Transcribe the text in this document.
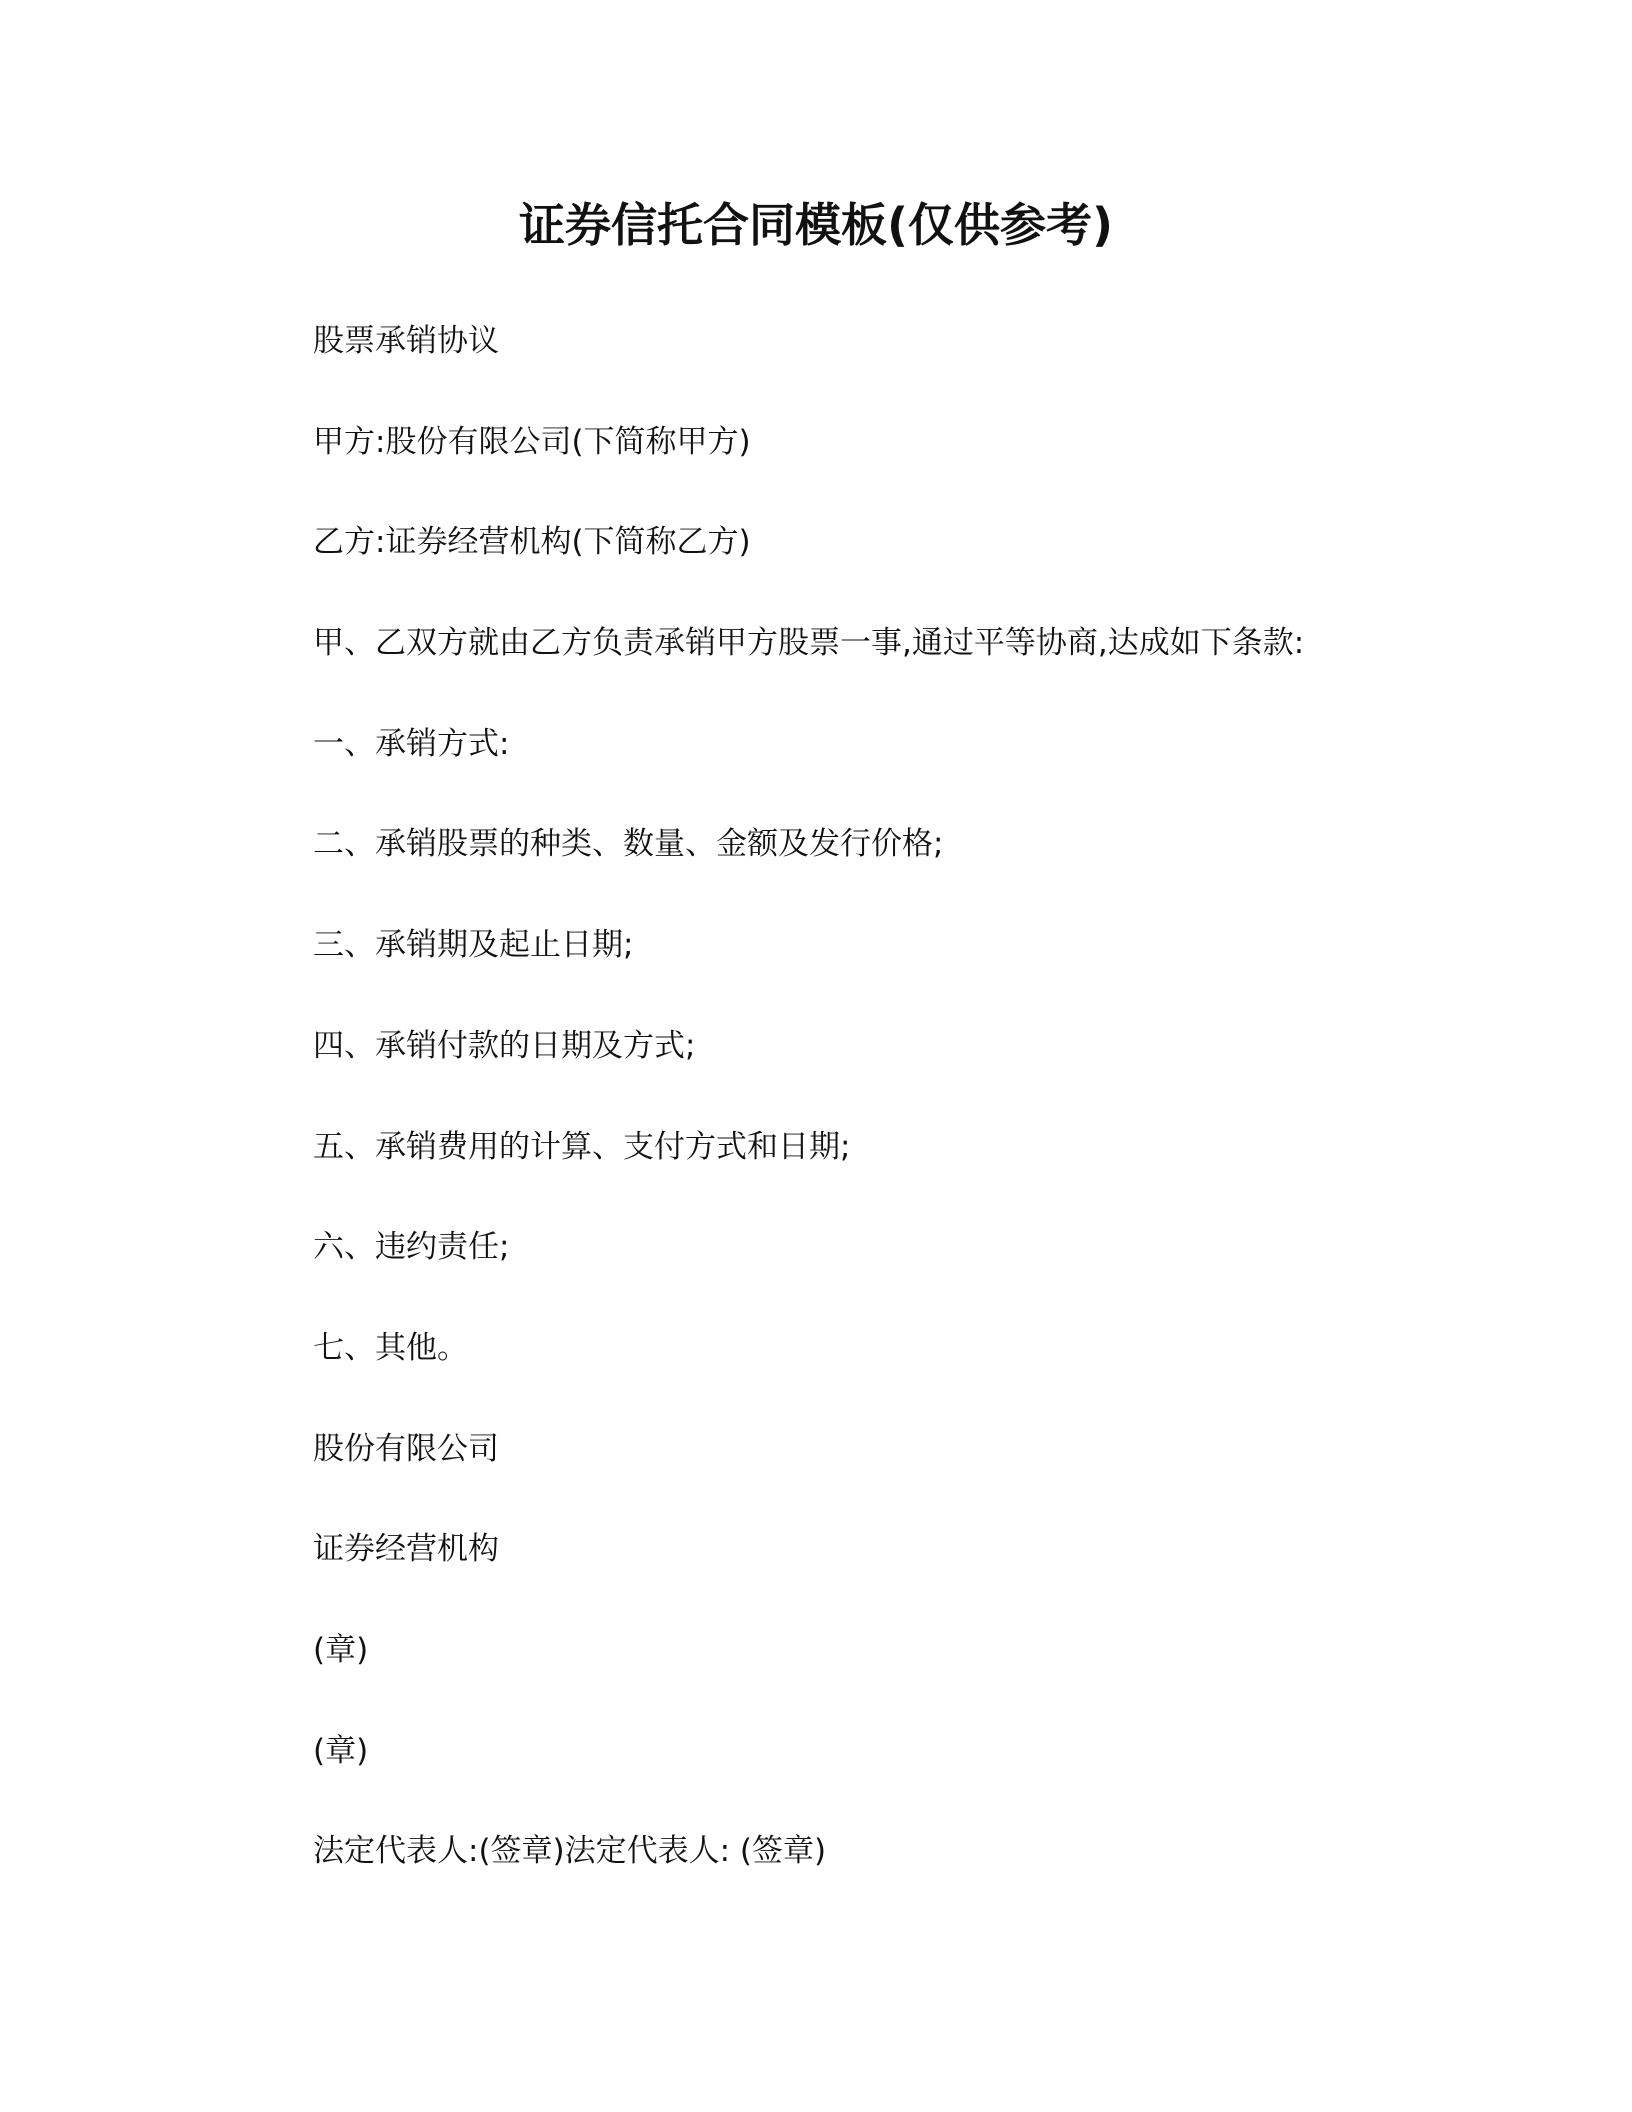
证券信托合同模板(仅供参考)
股票承销协议
甲方:股份有限公司(下简称甲方)
乙方:证券经营机构(下简称乙方)
甲、乙双方就由乙方负责承销甲方股票一事,通过平等协商,达成如下条款:
一、承销方式:
二、承销股票的种类、数量、金额及发行价格;
三、承销期及起止日期;
四、承销付款的日期及方式;
五、承销费用的计算、支付方式和日期;
六、违约责任;
七、其他。
股份有限公司
证券经营机构
(章)
(章)
法定代表人:(签章)法定代表人: (签章)
